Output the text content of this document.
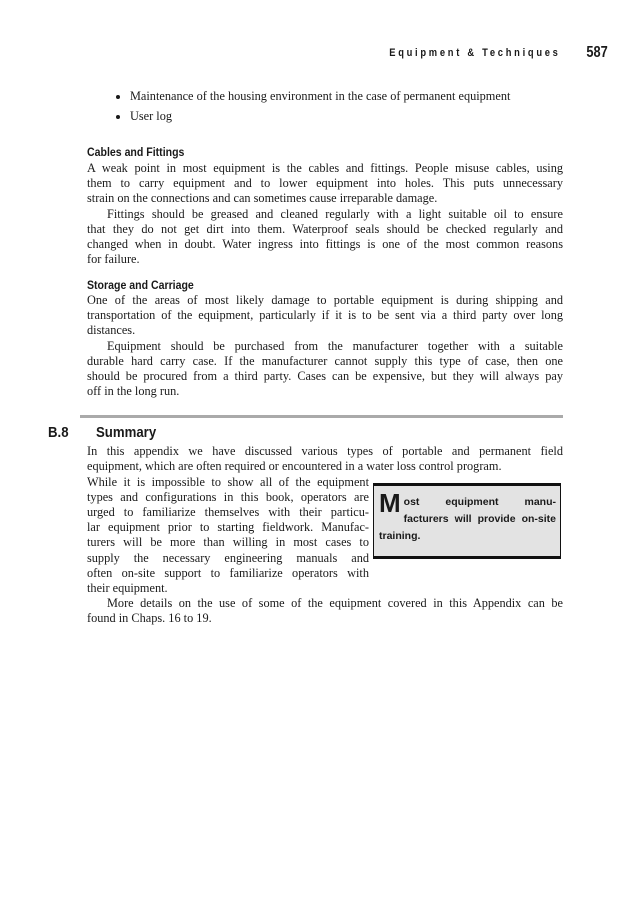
Equipment & Techniques 587
Maintenance of the housing environment in the case of permanent equipment
User log
Cables and Fittings
A weak point in most equipment is the cables and fittings. People misuse cables, using
them to carry equipment and to lower equipment into holes. This puts unnecessary
strain on the connections and can sometimes cause irreparable damage.
Fittings should be greased and cleaned regularly with a light suitable oil to ensure
that they do not get dirt into them. Waterproof seals should be checked regularly and
changed when in doubt. Water ingress into fittings is one of the most common reasons
for failure.
Storage and Carriage
One of the areas of most likely damage to portable equipment is during shipping and
transportation of the equipment, particularly if it is to be sent via a third party over long
distances.
Equipment should be purchased from the manufacturer together with a suitable
durable hard carry case. If the manufacturer cannot supply this type of case, then one
should be procured from a third party. Cases can be expensive, but they will always pay
off in the long run.
B.8 Summary
In this appendix we have discussed various types of portable and permanent field
equipment, which are often required or encountered in a water loss control program.
While it is impossible to show all of the equipment
types and configurations in this book, operators are
urged to familiarize themselves with their particu-
lar equipment prior to starting fieldwork. Manufac-
turers will be more than willing in most cases to
supply the necessary engineering manuals and
often on-site support to familiarize operators with
their equipment.
More details on the use of some of the equipment covered in this Appendix can be
found in Chaps. 16 to 19.
Most equipment manu-
facturers will provide on-site
training.
